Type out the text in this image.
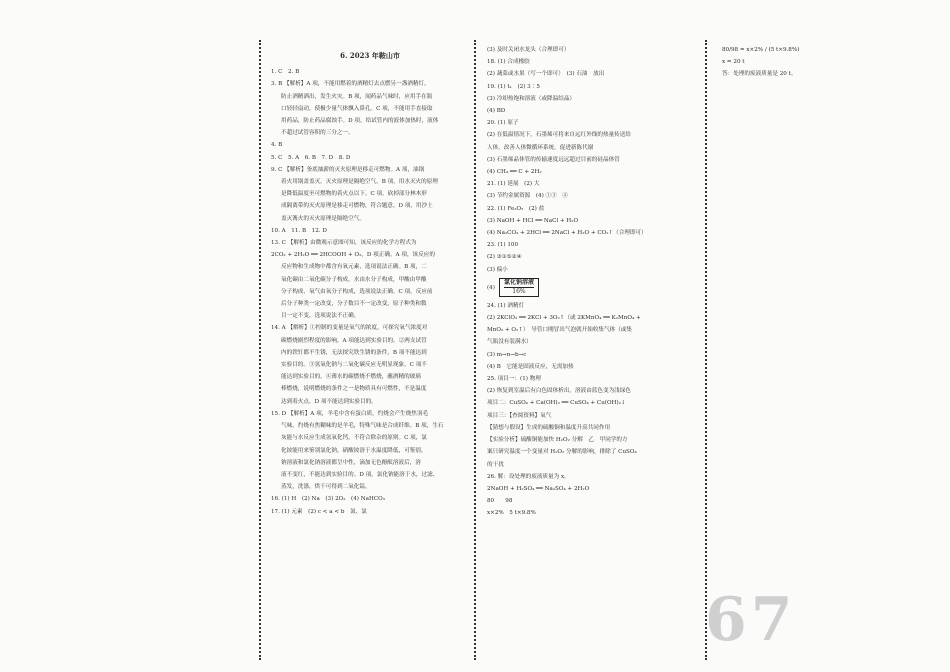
6. 2023 年鞍山市
1. C　2. B
3. B 【解析】A 项，不能用燃着的酒精灯去点燃另一盏酒精灯，
防止酒精洒出，发生火灾。B 项，闻药品气味时，应用手在瓶
口轻轻扇动，使极少量气体飘入鼻孔。C 项，不能用手直接取
用药品，防止药品腐蚀手。D 项，给试管内的液体加热时，液体
不超过试管容积的三分之一。
4. B
5. C　5. A　6. B　7. D　8. D
9. C 【解析】釜底抽薪的灭火原理是移走可燃物。A 项，油锅
着火用锅盖盖灭，灭火原理是隔绝空气。B 项，用水灭火的原理
是降低温度至可燃物的着火点以下。C 项，砍掉部分林木形
成隔离带的灭火原理是移走可燃物，符合题意。D 项，用沙土
盖灭篝火的灭火原理是隔绝空气。
10. A　11. B　12. D
13. C 【解析】由微观示意图可知，该反应的化学方程式为
2CO₂ + 2H₂O ══ 2HCOOH + O₂，D 项正确。A 项，该反应的
反应物和生成物中都含有氧元素，选项说法正确。B 项，二
氧化碳由二氧化碳分子构成，水由水分子构成，甲酸由甲酸
分子构成，氧气由氧分子构成，选项说法正确。C 项，反应前
后分子种类一定改变，分子数目不一定改变，原子种类和数
目一定不变，选项说法不正确。
14. A 【解析】①控制的变量是氧气的浓度，可探究氧气浓度对
碳燃烧剧烈程度的影响，A 项能达到实验目的。②两支试管
内的铁钉都不生锈，无法探究铁生锈的条件，B 项不能达到
实验目的。③氢氧化钠与二氧化碳反应无明显现象，C 项不
能达到实验目的。④薄水的碳燃烧不燃烧，蘸酒精的玻璃
棒燃烧，说明燃烧的条件之一是物质具有可燃性，不是温度
达到着火点，D 项不能达到实验目的。
15. D 【解析】A 项，羊毛中含有蛋白质，灼烧会产生烧焦羽毛
气味，灼烧有焦糊味的是羊毛，特殊气味是合成纤维。B 项，生石
灰能与水反应生成氢氧化钙，不符合除杂的原则。C 项，氯
化铵能用来鉴别氯化钠，硝酸铵溶于水温度降低，可鉴别。
钠溶液和氯化钠溶液都呈中性，滴加无色酚酞溶液后，溶
液不变红，不能达到实验目的。D 项，氯化钠能溶于水，过滤、
蒸发，洗涤，烘干可得到二氧化锰。
16. (1) H　(2) Na　(3) 2O₂　(4) NaHCO₃
17. (1) 元素　(2) c < a < b　氮、氯
(3) 及时关闭水龙头（合理即可）
18. (1) 合成橡胶
(2) 蔬菜或水果（写一个即可）　(3) 石油　放出
19. (1) t₁　(2) 3∶5
(3) 冷却热饱和溶液（或降温结晶）
(4) BD
20. (1) 原子
(2) 在低温情况下，石墨烯可将来自远红外线的热量传送给
人体，改善人体微循环系统，促进新陈代谢
(3) 石墨烯晶体管的传输速度远远超过目前的硅晶体管
(4) CH₄ ══ C + 2H₂
21. (1) 延展　(2) 大
(3) 节约金属资源　(4) ①③　④
22. (1) Fe₂O₃　(2) 盐
(3) NaOH + HCl ══ NaCl + H₂O
(4) Na₂CO₃ + 2HCl ══ 2NaCl + H₂O + CO₂↑（合理即可）
23. (1) 100
(2) ③①⑤②④
(3) 偏小
(4)
氯化钠溶液
16%
24. (1) 酒精灯
(2) 2KClO₃ ══ 2KCl + 3O₂↑（或 2KMnO₄ ══ K₂MnO₄ +
MnO₂ + O₂↑）　导管口刚冒出气泡就开始收集气体（或集
气瓶没有装满水）
(3) m→n→b→c
(4) B　它能是固液反应，无需加热
25. 项目一：(1) 物理
(2) 恢复到室温后有白色固体析出，溶液由蓝色变为浅绿色
项目二：CuSO₄ + Ca(OH)₂ ══ CuSO₄ + Cu(OH)₂↓
项目三：【查阅资料】氧气
【猜想与假设】生成的硫酸铜和温度升高共同作用
【实验分析】硫酸铜能加快 H₂O₂ 分解　乙　甲同学的方
案只研究温度一个变量对 H₂O₂ 分解的影响，排除了 CuSO₄
的干扰
26. 解：设处理的废液质量为 x。
2NaOH + H₂SO₄ ══ Na₂SO₄ + 2H₂O
80　　98
x×2%　5 t×9.8%
80/98 = x×2% / (5 t×9.8%)
x = 20 t
答：处理的废液质量是 20 t。
67
